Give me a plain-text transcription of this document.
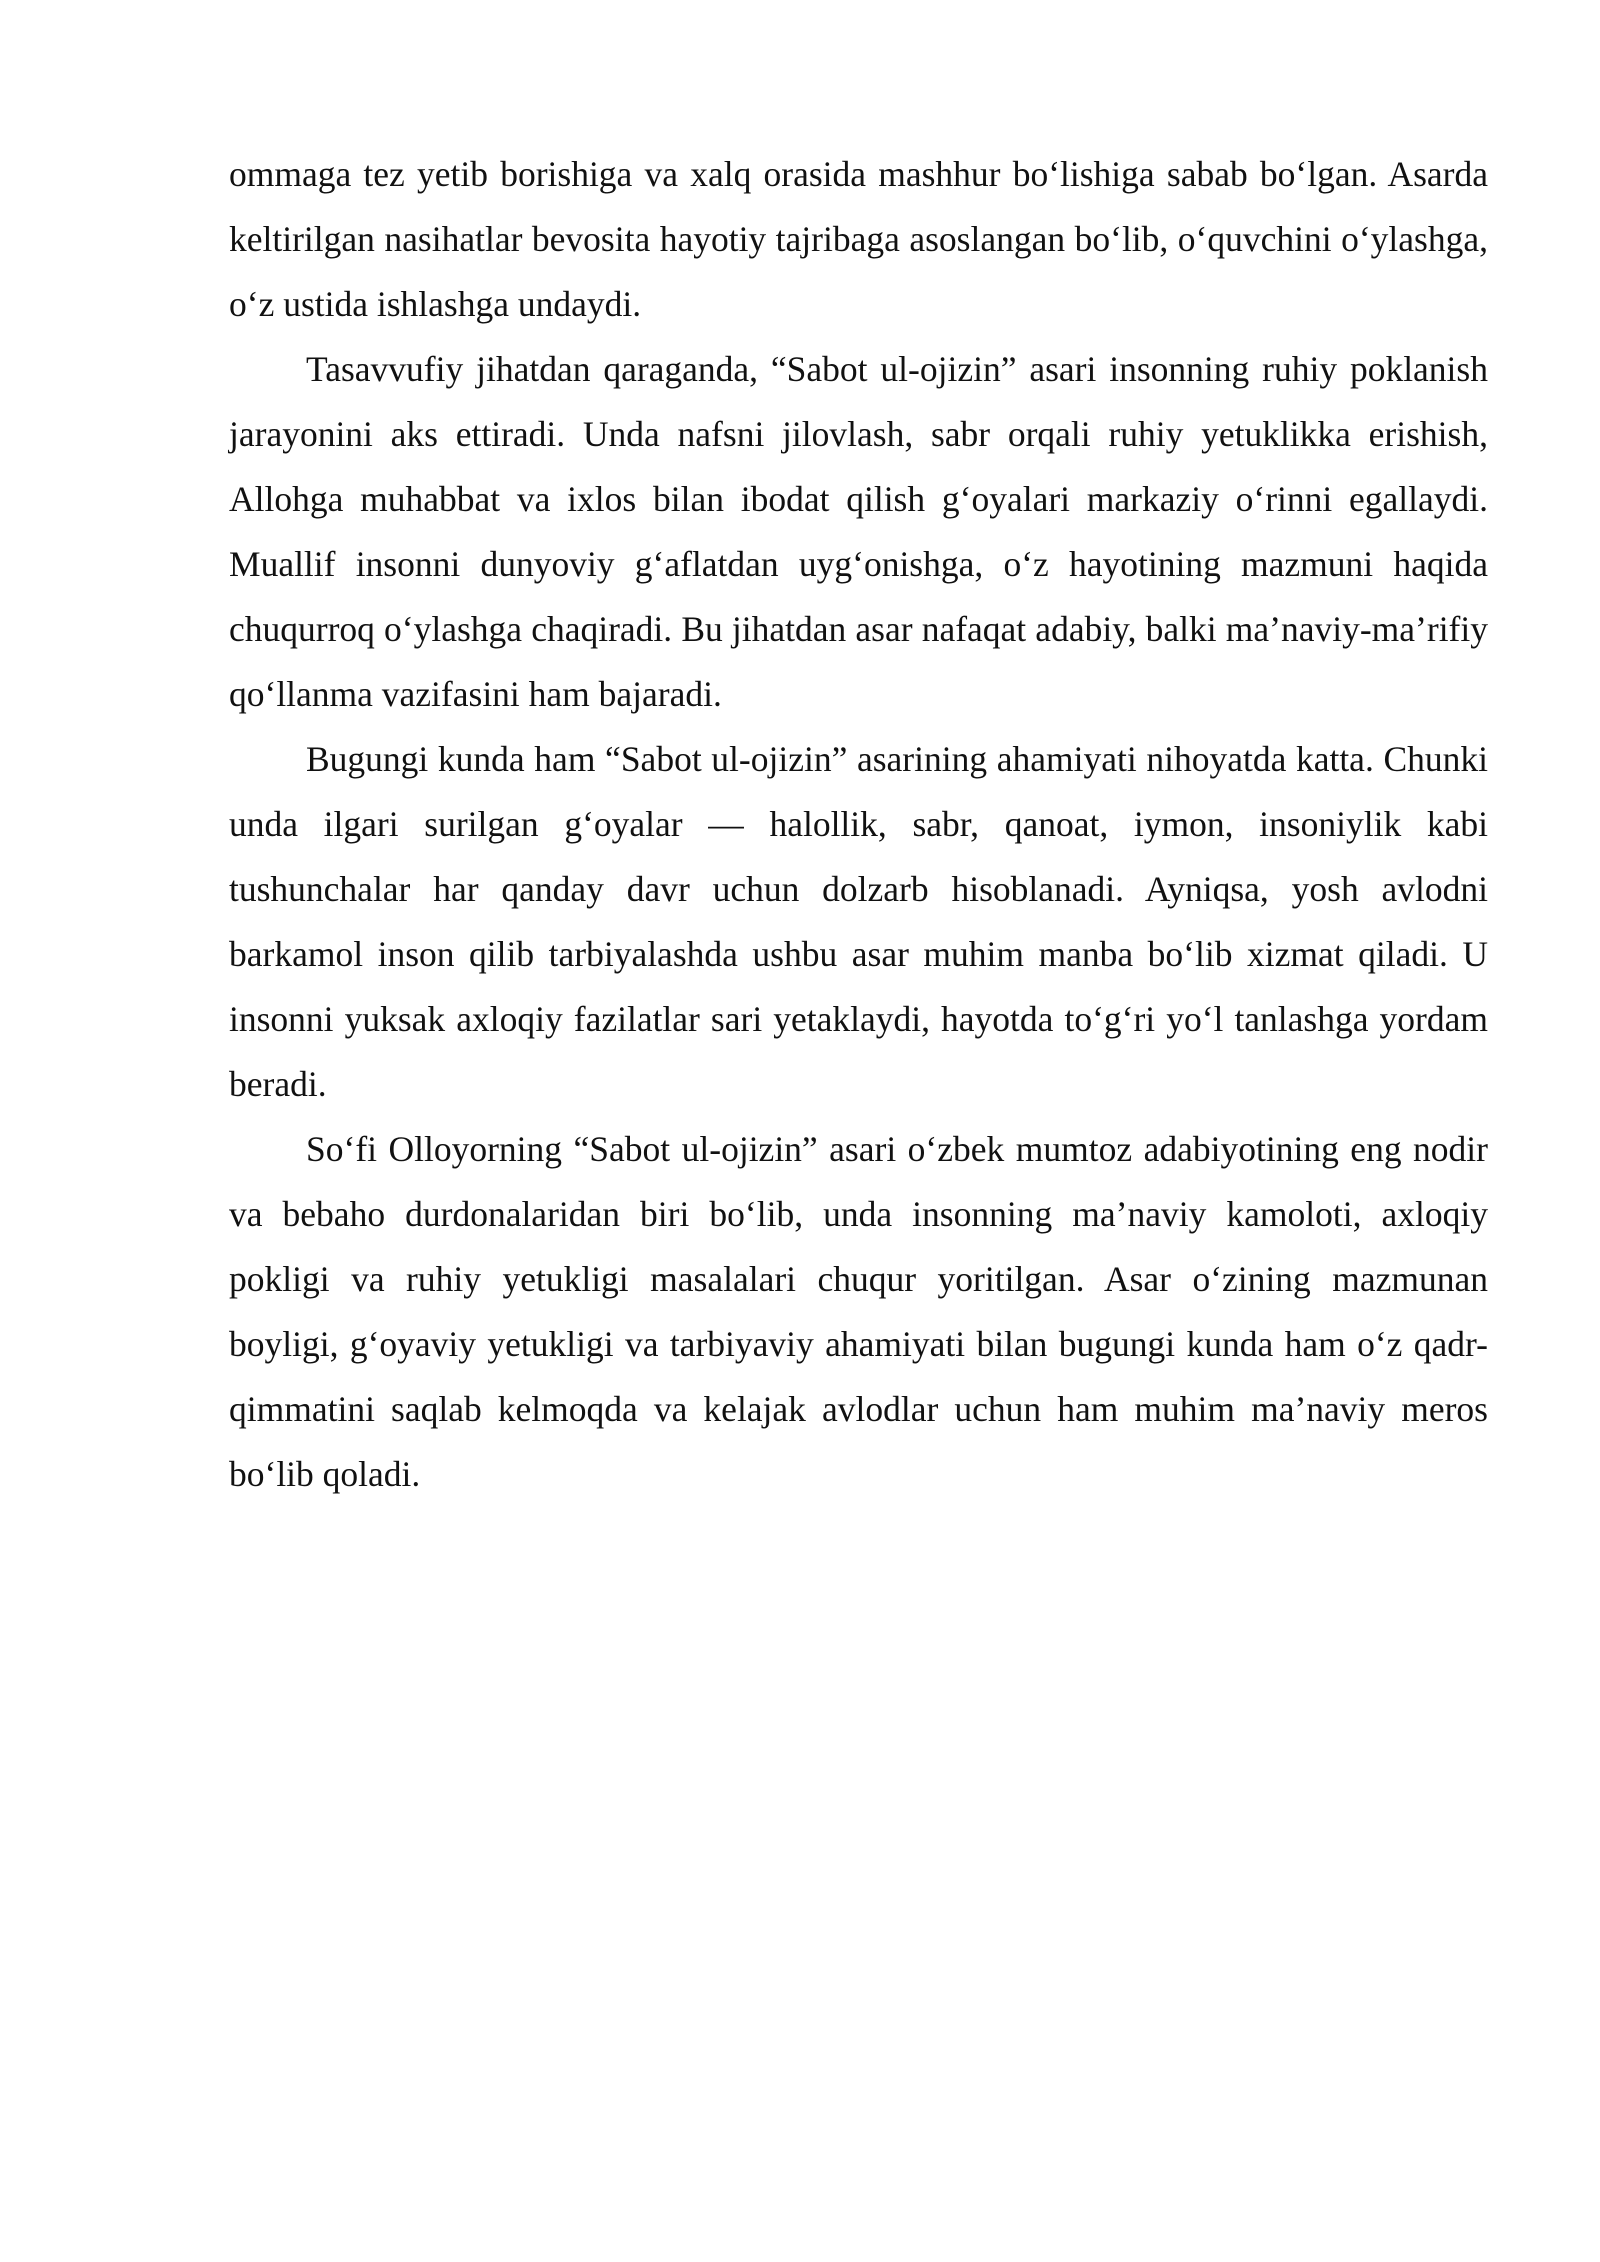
ommaga tez yetib borishiga va xalq orasida mashhur bo‘lishiga sabab bo‘lgan. Asarda keltirilgan nasihatlar bevosita hayotiy tajribaga asoslangan bo‘lib, o‘quvchini o‘ylashga, o‘z ustida ishlashga undaydi.

Tasavvufiy jihatdan qaraganda, “Sabot ul-ojizin” asari insonning ruhiy poklanish jarayonini aks ettiradi. Unda nafsni jilovlash, sabr orqali ruhiy yetuklikka erishish, Allohga muhabbat va ixlos bilan ibodat qilish g‘oyalari markaziy o‘rinni egallaydi. Muallif insonni dunyoviy g‘aflatdan uyg‘onishga, o‘z hayotining mazmuni haqida chuqurroq o‘ylashga chaqiradi. Bu jihatdan asar nafaqat adabiy, balki ma’naviy-ma’rifiy qo‘llanma vazifasini ham bajaradi.

Bugungi kunda ham “Sabot ul-ojizin” asarining ahamiyati nihoyatda katta. Chunki unda ilgari surilgan g‘oyalar — halollik, sabr, qanoat, iymon, insoniylik kabi tushunchalar har qanday davr uchun dolzarb hisoblanadi. Ayniqsa, yosh avlodni barkamol inson qilib tarbiyalashda ushbu asar muhim manba bo‘lib xizmat qiladi. U insonni yuksak axloqiy fazilatlar sari yetaklaydi, hayotda to‘g‘ri yo‘l tanlashga yordam beradi.

So‘fi Olloyorning “Sabot ul-ojizin” asari o‘zbek mumtoz adabiyotining eng nodir va bebaho durdonalaridan biri bo‘lib, unda insonning ma’naviy kamoloti, axloqiy pokligi va ruhiy yetukligi masalalari chuqur yoritilgan. Asar o‘zining mazmunan boyligi, g‘oyaviy yetukligi va tarbiyaviy ahamiyati bilan bugungi kunda ham o‘z qadr-qimmatini saqlab kelmoqda va kelajak avlodlar uchun ham muhim ma’naviy meros bo‘lib qoladi.
